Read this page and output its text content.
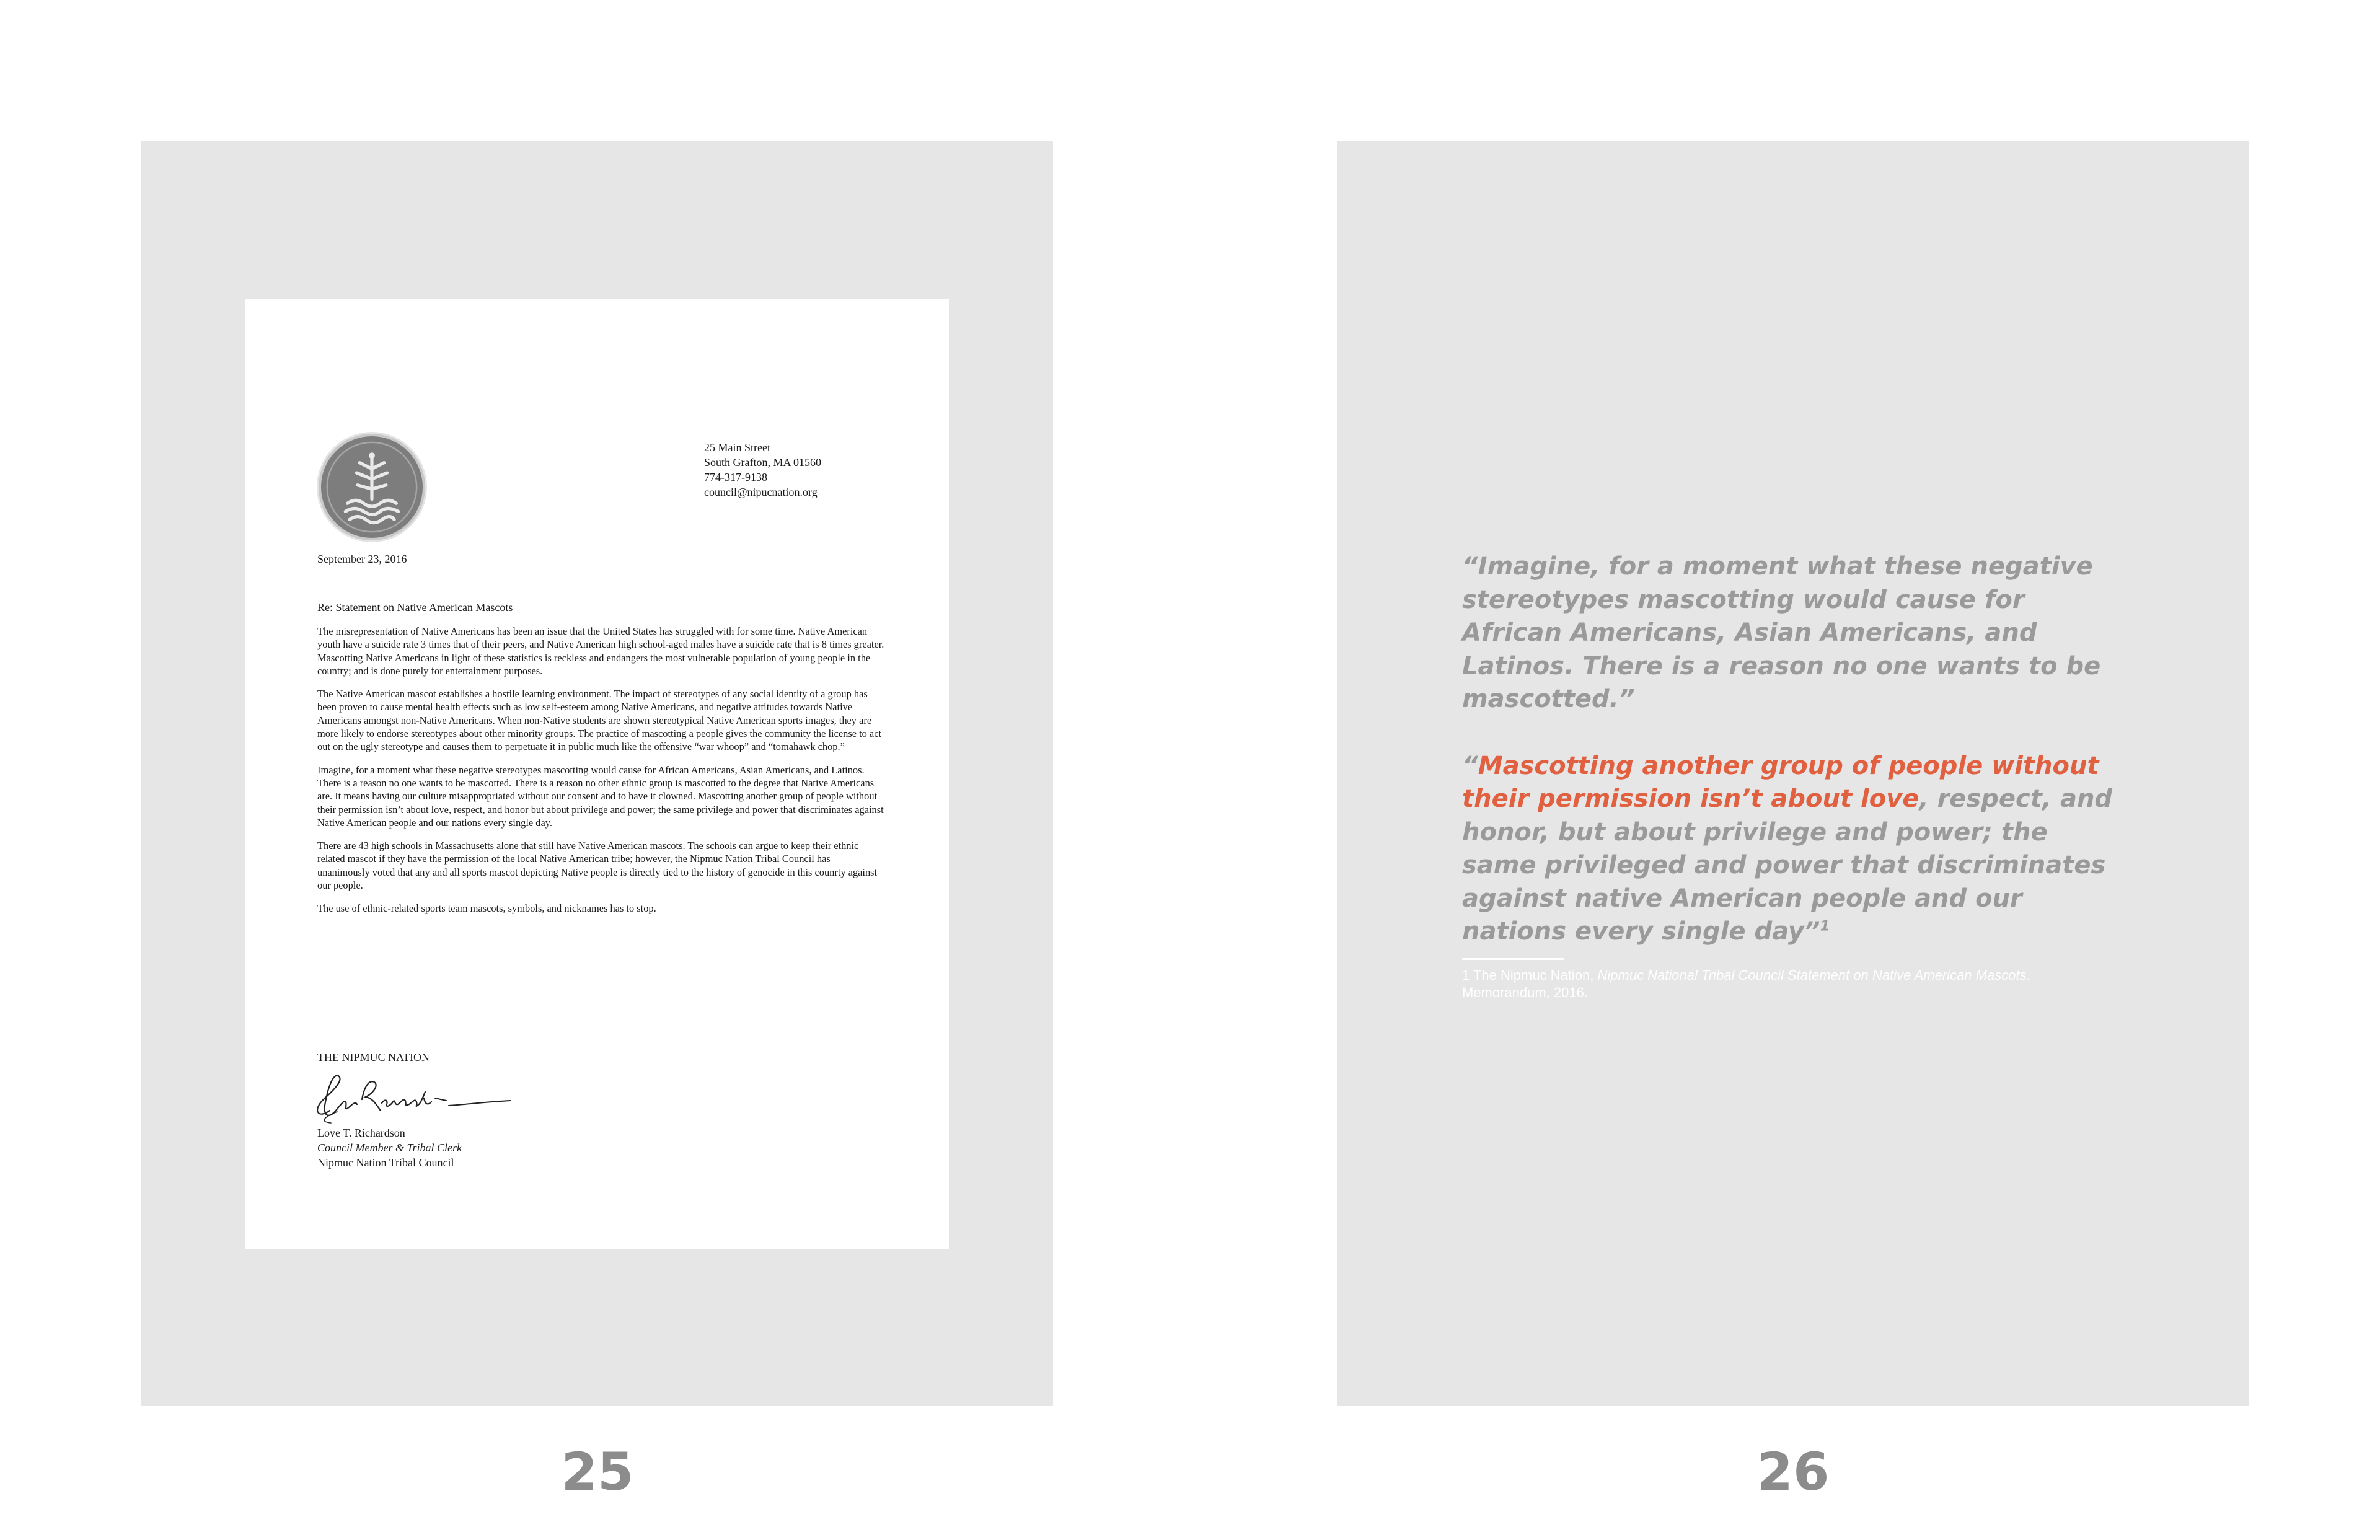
25 Main Street
South Grafton, MA 01560
774-317-9138
council@nipucnation.org
September 23, 2016
Re: Statement on Native American Mascots

The misrepresentation of Native Americans has been an issue that the United States has struggled with for some time. Native American youth have a suicide rate 3 times that of their peers, and Native American high school-aged males have a suicide rate that is 8 times greater. Mascotting Native Americans in light of these statistics is reckless and endangers the most vulnerable population of young people in the country; and is done purely for entertainment purposes.

The Native American mascot establishes a hostile learning environment. The impact of stereotypes of any social identity of a group has been proven to cause mental health effects such as low self-esteem among Native Americans, and negative attitudes towards Native Americans amongst non-Native Americans. When non-Native students are shown stereotypical Native American sports images, they are more likely to endorse stereotypes about other minority groups. The practice of mascotting a people gives the community the license to act out on the ugly stereotype and causes them to perpetuate it in public much like the offensive “war whoop” and “tomahawk chop.”

Imagine, for a moment what these negative stereotypes mascotting would cause for African Americans, Asian Americans, and Latinos. There is a reason no one wants to be mascotted. There is a reason no other ethnic group is mascotted to the degree that Native Americans are. It means having our culture misappropriated without our consent and to have it clowned. Mascotting another group of people without their permission isn’t about love, respect, and honor but about privilege and power; the same privilege and power that discriminates against Native American people and our nations every single day.

There are 43 high schools in Massachusetts alone that still have Native American mascots. The schools can argue to keep their ethnic related mascot if they have the permission of the local Native American tribe; however, the Nipmuc Nation Tribal Council has unanimously voted that any and all sports mascot depicting Native people is directly tied to the history of genocide in this counrty against our people.

The use of ethnic-related sports team mascots, symbols, and nicknames has to stop.

THE NIPMUC NATION
Love T. Richardson
Council Member & Tribal Clerk
Nipmuc Nation Tribal Council

“Imagine, for a moment what these negative stereotypes mascotting would cause for African Americans, Asian Americans, and Latinos. There is a reason no one wants to be mascotted.”

“Mascotting another group of people without their permission isn’t about love, respect, and honor, but about privilege and power; the same privileged and power that discriminates against native American people and our nations every single day”$^1$

1 The Nipmuc Nation, Nipmuc National Tribal Council Statement on Native American Mascots. Memorandum, 2016.
25	26
